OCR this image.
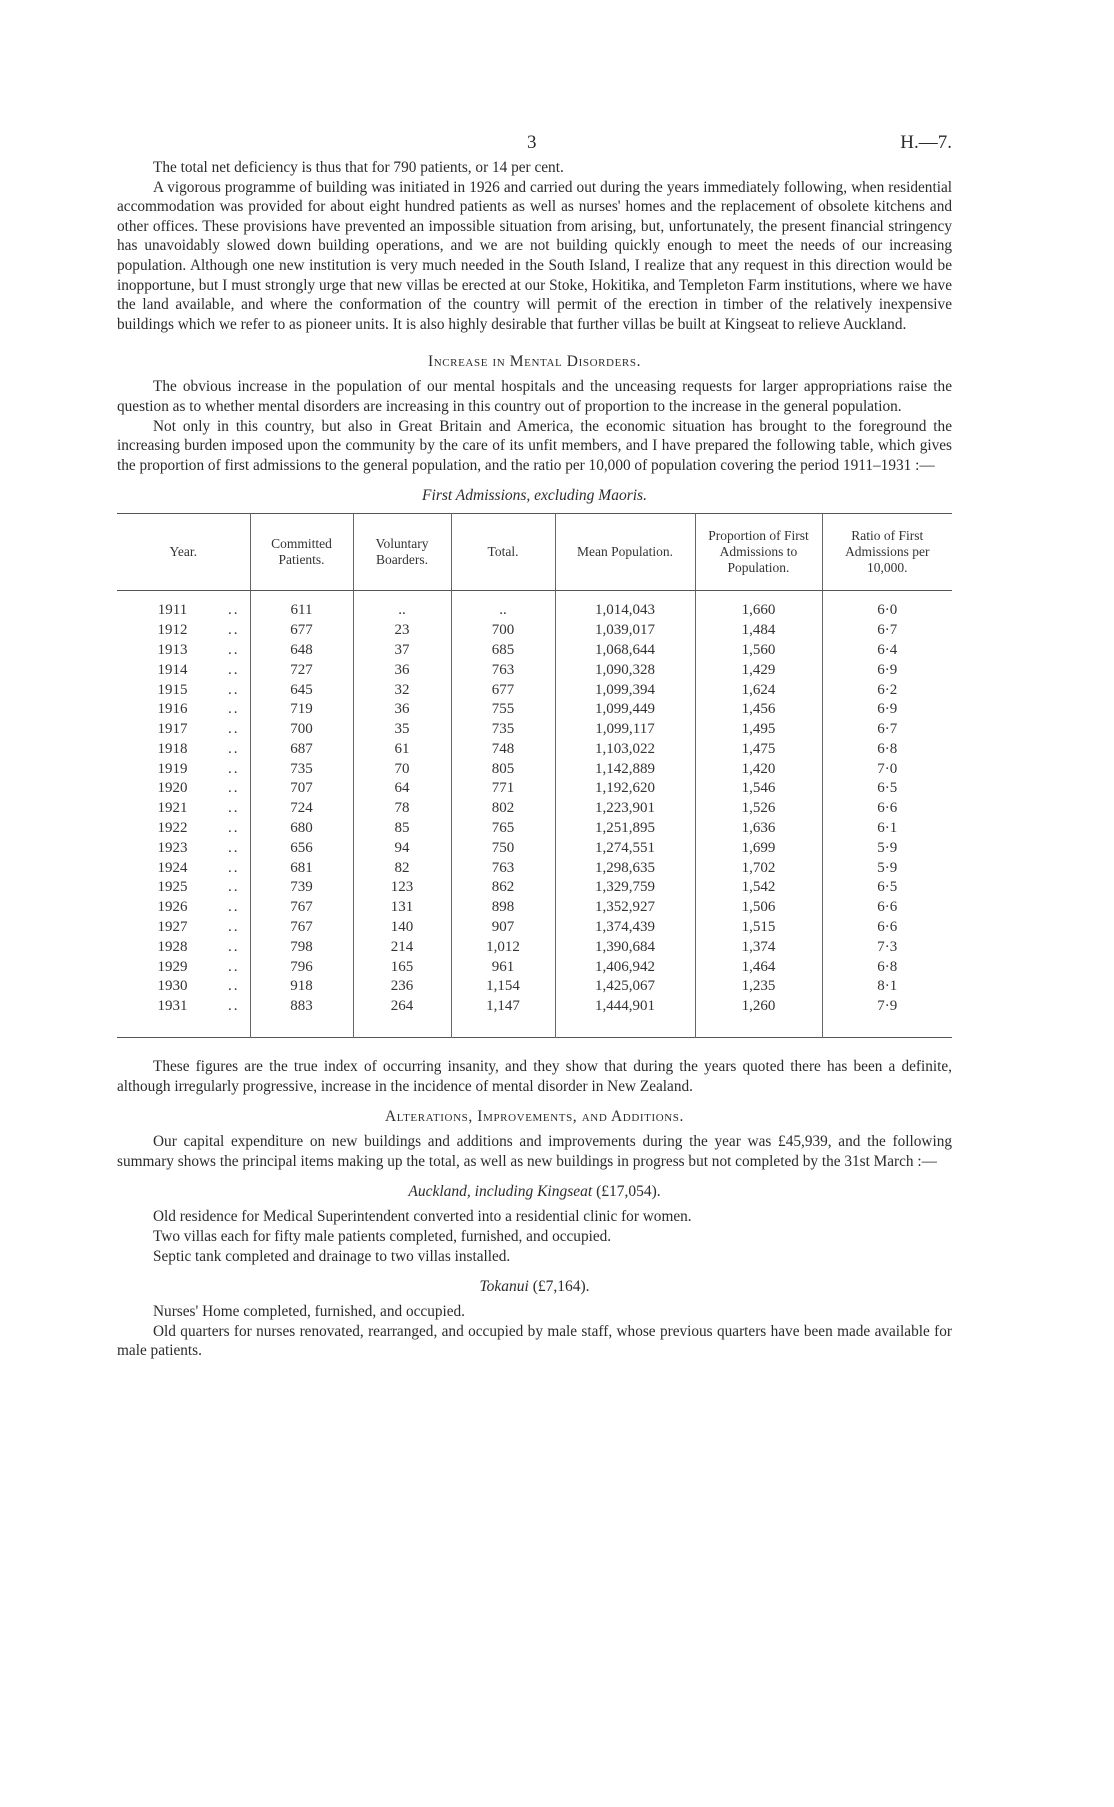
3	H.—7.

The total net deficiency is thus that for 790 patients, or 14 per cent.

A vigorous programme of building was initiated in 1926 and carried out during the years immediately following, when residential accommodation was provided for about eight hundred patients as well as nurses' homes and the replacement of obsolete kitchens and other offices. These provisions have prevented an impossible situation from arising, but, unfortunately, the present financial stringency has unavoidably slowed down building operations, and we are not building quickly enough to meet the needs of our increasing population. Although one new institution is very much needed in the South Island, I realize that any request in this direction would be inopportune, but I must strongly urge that new villas be erected at our Stoke, Hokitika, and Templeton Farm institutions, where we have the land available, and where the conformation of the country will permit of the erection in timber of the relatively inexpensive buildings which we refer to as pioneer units. It is also highly desirable that further villas be built at Kingseat to relieve Auckland.

Increase in Mental Disorders.

The obvious increase in the population of our mental hospitals and the unceasing requests for larger appropriations raise the question as to whether mental disorders are increasing in this country out of proportion to the increase in the general population.

Not only in this country, but also in Great Britain and America, the economic situation has brought to the foreground the increasing burden imposed upon the community by the care of its unfit members, and I have prepared the following table, which gives the proportion of first admissions to the general population, and the ratio per 10,000 of population covering the period 1911–1931 :—

First Admissions, excluding Maoris.
Year.	Committed Patients.	Voluntary Boarders.	Total.	Mean Population.	Proportion of First Admissions to Population.	Ratio of First Admissions per 10,000.

1911 ..	611	..	..	1,014,043	1,660	6·0
1912 ..	677	23	700	1,039,017	1,484	6·7
1913 ..	648	37	685	1,068,644	1,560	6·4
1914 ..	727	36	763	1,090,328	1,429	6·9
1915 ..	645	32	677	1,099,394	1,624	6·2
1916 ..	719	36	755	1,099,449	1,456	6·9
1917 ..	700	35	735	1,099,117	1,495	6·7
1918 ..	687	61	748	1,103,022	1,475	6·8
1919 ..	735	70	805	1,142,889	1,420	7·0
1920 ..	707	64	771	1,192,620	1,546	6·5
1921 ..	724	78	802	1,223,901	1,526	6·6
1922 ..	680	85	765	1,251,895	1,636	6·1
1923 ..	656	94	750	1,274,551	1,699	5·9
1924 ..	681	82	763	1,298,635	1,702	5·9
1925 ..	739	123	862	1,329,759	1,542	6·5
1926 ..	767	131	898	1,352,927	1,506	6·6
1927 ..	767	140	907	1,374,439	1,515	6·6
1928 ..	798	214	1,012	1,390,684	1,374	7·3
1929 ..	796	165	961	1,406,942	1,464	6·8
1930 ..	918	236	1,154	1,425,067	1,235	8·1
1931 ..	883	264	1,147	1,444,901	1,260	7·9

These figures are the true index of occurring insanity, and they show that during the years quoted there has been a definite, although irregularly progressive, increase in the incidence of mental disorder in New Zealand.

Alterations, Improvements, and Additions.

Our capital expenditure on new buildings and additions and improvements during the year was £45,939, and the following summary shows the principal items making up the total, as well as new buildings in progress but not completed by the 31st March :—

Auckland, including Kingseat (£17,054).

Old residence for Medical Superintendent converted into a residential clinic for women.

Two villas each for fifty male patients completed, furnished, and occupied.

Septic tank completed and drainage to two villas installed.

Tokanui (£7,164).

Nurses' Home completed, furnished, and occupied.

Old quarters for nurses renovated, rearranged, and occupied by male staff, whose previous quarters have been made available for male patients.
